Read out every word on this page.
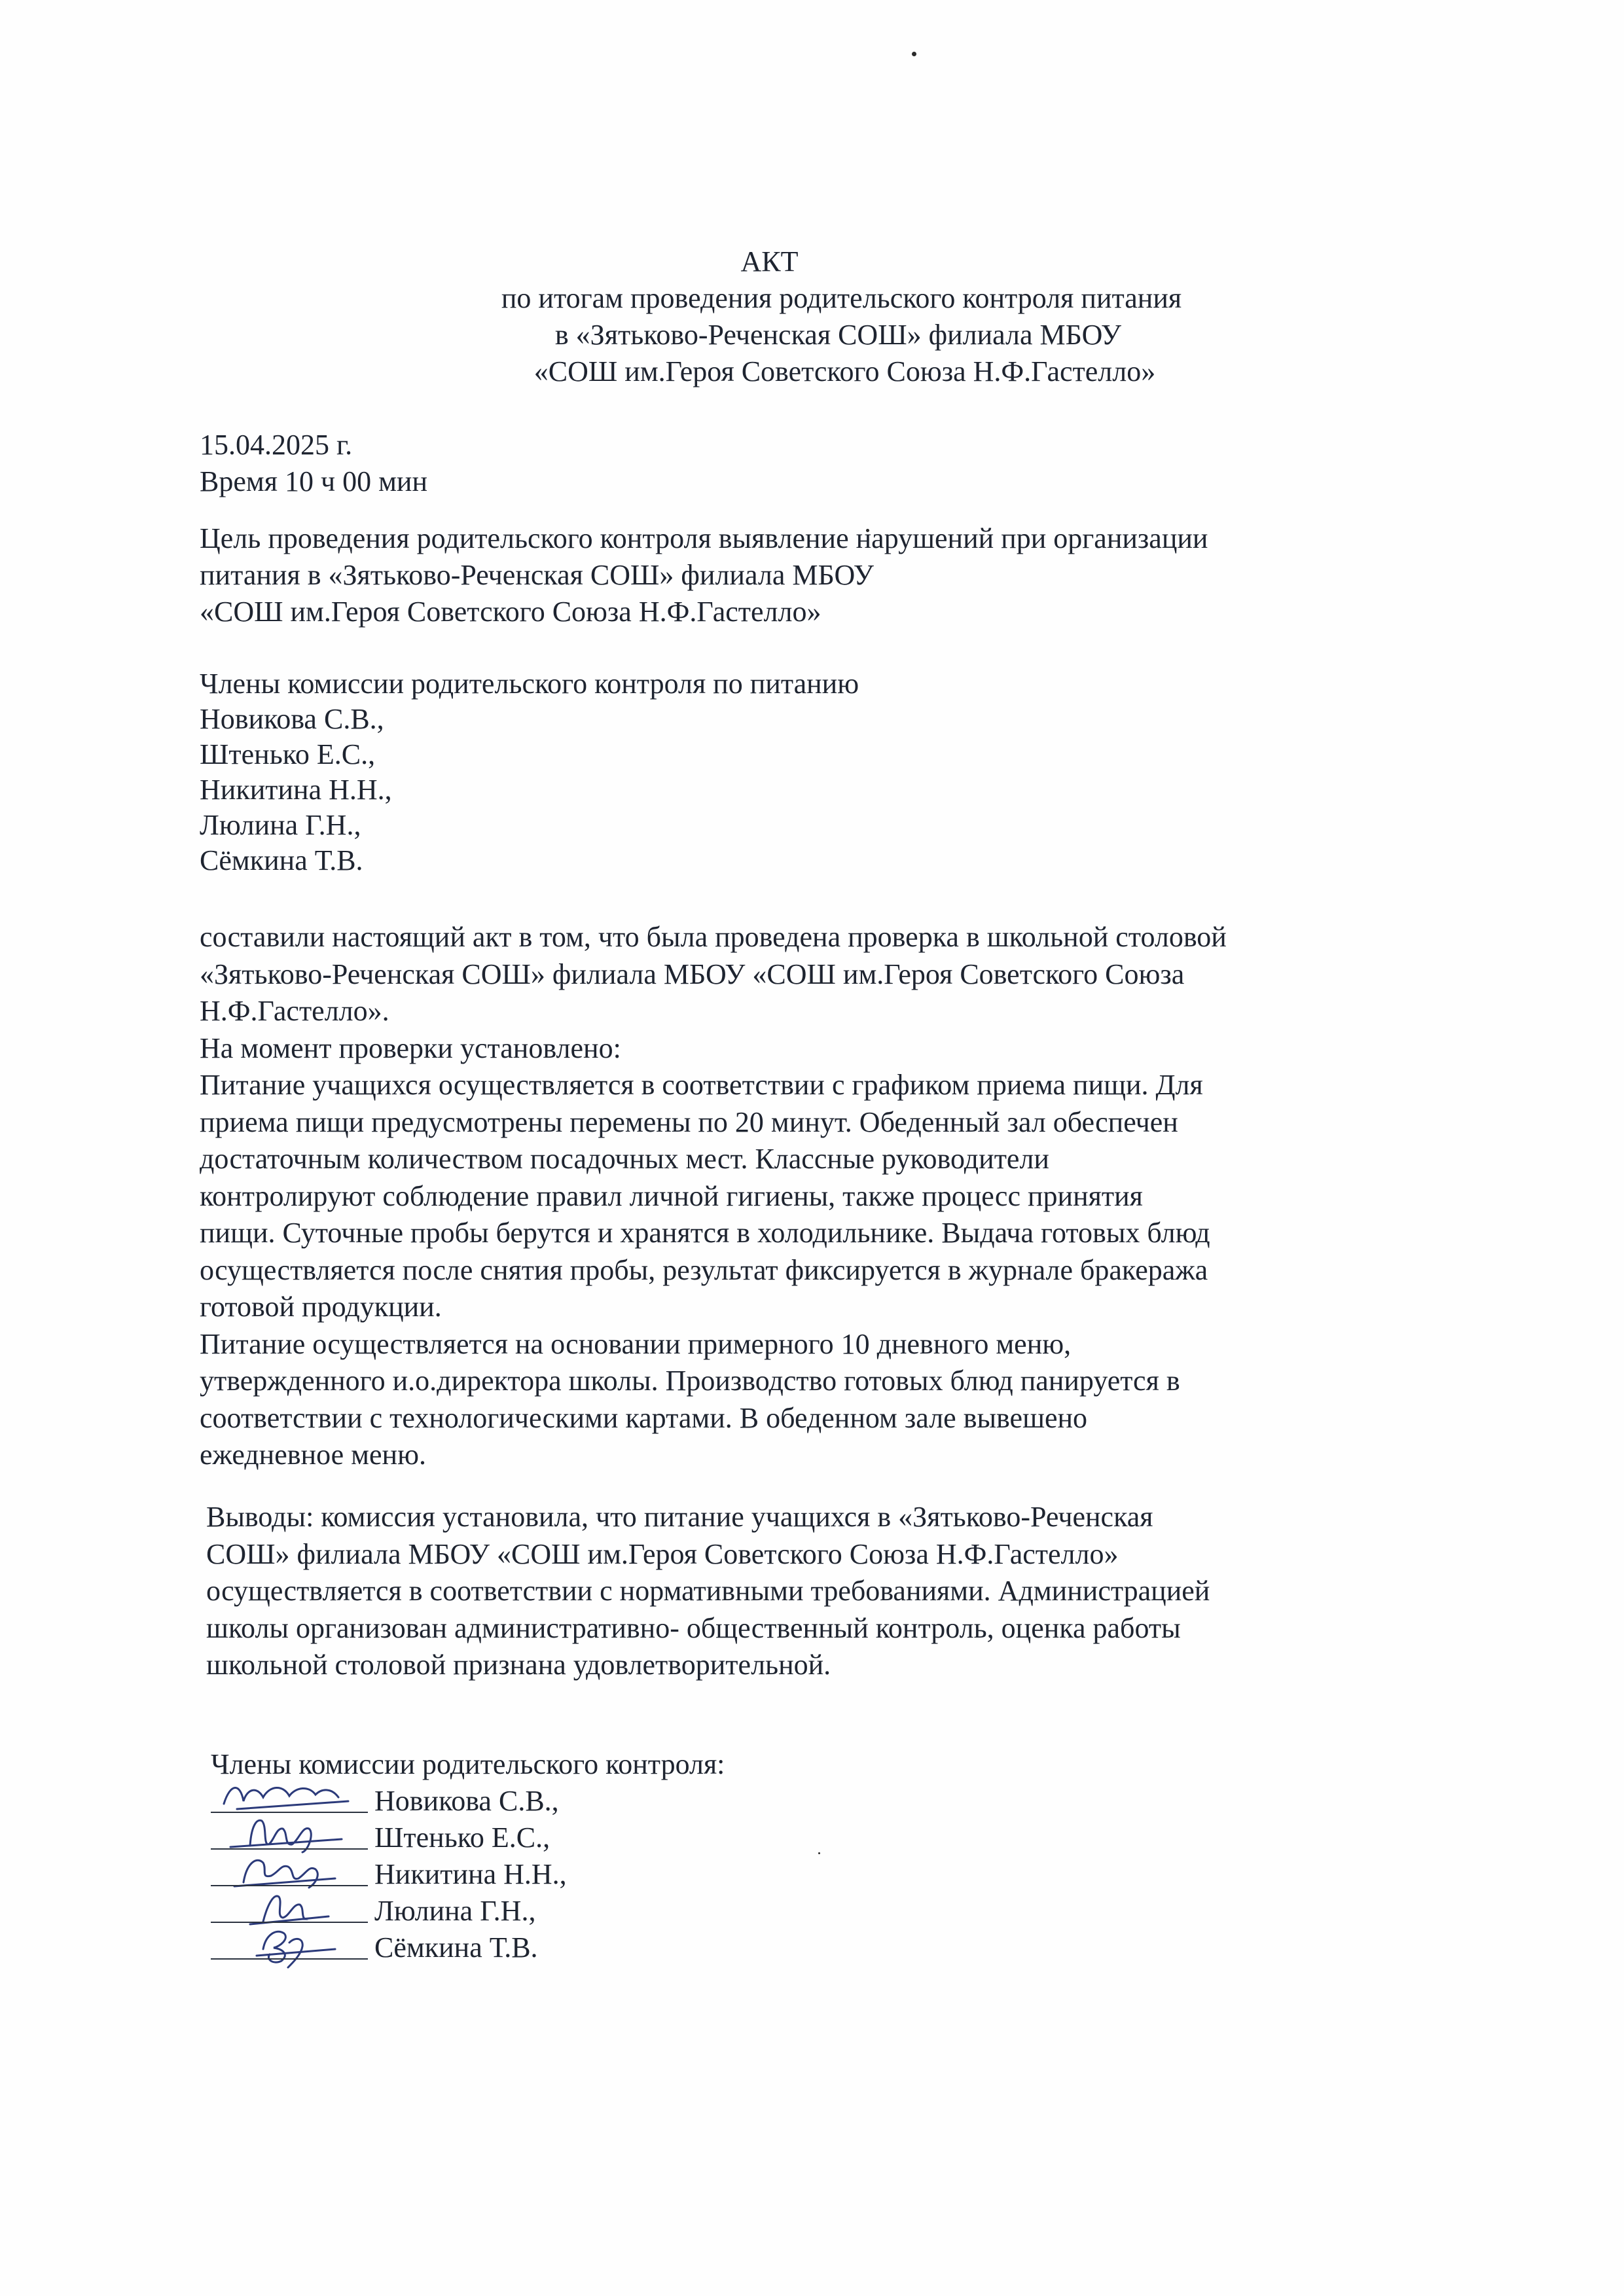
АКТ
по итогам проведения родительского контроля питания
в «Зятьково-Реченская СОШ» филиала МБОУ
«СОШ им.Героя Советского Союза Н.Ф.Гастелло»
15.04.2025 г.
Время 10 ч 00 мин
Цель проведения родительского контроля выявление нарушений при организации
питания в «Зятьково-Реченская СОШ» филиала МБОУ
«СОШ им.Героя Советского Союза Н.Ф.Гастелло»
Члены комиссии родительского контроля по питанию
Новикова С.В.,
Штенько Е.С.,
Никитина Н.Н.,
Люлина Г.Н.,
Сёмкина Т.В.
составили настоящий акт в том, что была проведена проверка в школьной столовой
«Зятьково-Реченская СОШ» филиала МБОУ «СОШ им.Героя Советского Союза
Н.Ф.Гастелло».
На момент проверки установлено:
Питание учащихся осуществляется в соответствии с графиком приема пищи. Для
приема пищи предусмотрены перемены по 20 минут. Обеденный зал обеспечен
достаточным количеством посадочных мест. Классные руководители
контролируют соблюдение правил личной гигиены, также процесс принятия
пищи. Суточные пробы берутся и хранятся в холодильнике. Выдача готовых блюд
осуществляется после снятия пробы, результат фиксируется в журнале бракеража
готовой продукции.
Питание осуществляется на основании примерного 10 дневного меню,
утвержденного и.о.директора школы. Производство готовых блюд панируется в
соответствии с технологическими картами. В обеденном зале вывешено
ежедневное меню.
Выводы: комиссия установила, что питание учащихся в «Зятьково-Реченская
СОШ» филиала МБОУ «СОШ им.Героя Советского Союза Н.Ф.Гастелло»
осуществляется в соответствии с нормативными требованиями. Администрацией
школы организован административно- общественный контроль, оценка работы
школьной столовой признана удовлетворительной.
Члены комиссии родительского контроля:
Новикова С.В.,
Штенько Е.С.,
Никитина Н.Н.,
Люлина Г.Н.,
Сёмкина Т.В.
